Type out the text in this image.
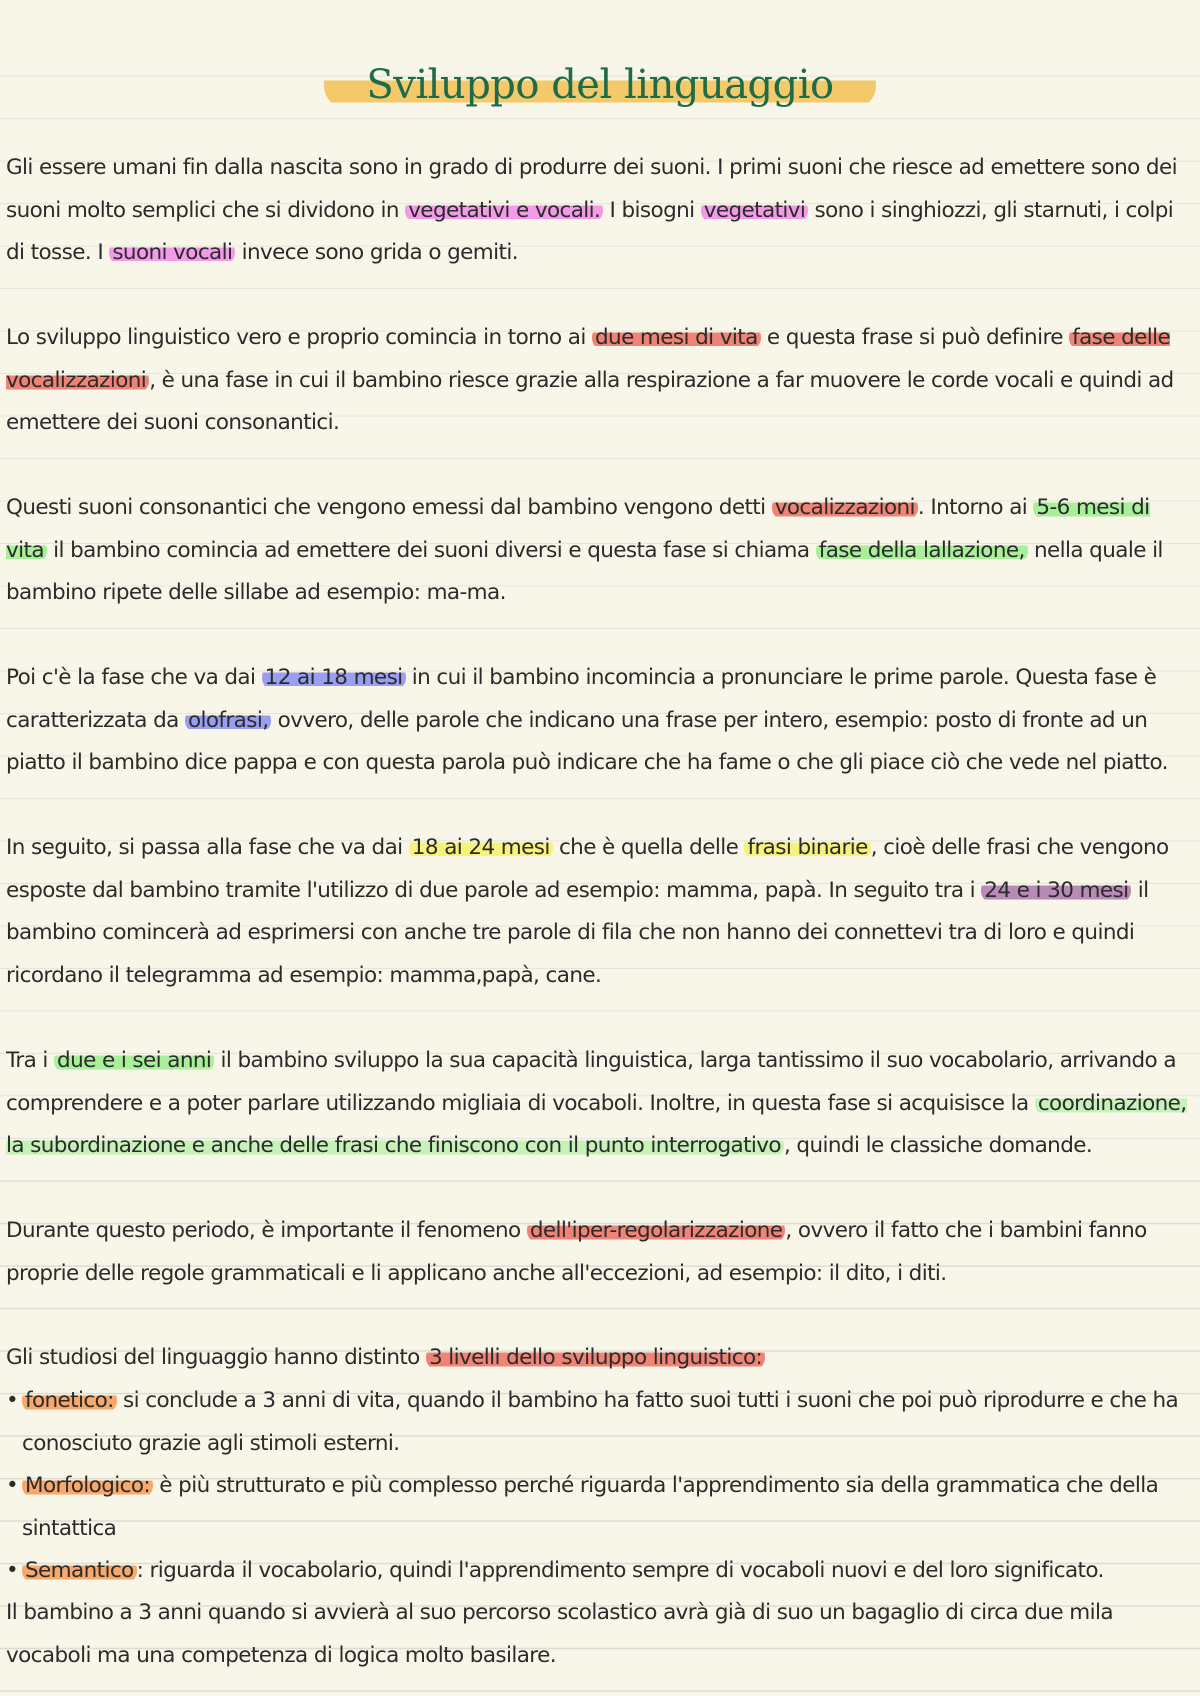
Sviluppo del linguaggio

Gli essere umani fin dalla nascita sono in grado di produrre dei suoni. I primi suoni che riesce ad emettere sono dei suoni molto semplici che si dividono in vegetativi e vocali. I bisogni vegetativi sono i singhiozzi, gli starnuti, i colpi di tosse. I suoni vocali invece sono grida o gemiti.

Lo sviluppo linguistico vero e proprio comincia in torno ai due mesi di vita e questa frase si può definire fase delle vocalizzazioni , è una fase in cui il bambino riesce grazie alla respirazione a far muovere le corde vocali e quindi ad emettere dei suoni consonantici.

Questi suoni consonantici che vengono emessi dal bambino vengono detti vocalizzazioni . Intorno ai 5-6 mesi di vita il bambino comincia ad emettere dei suoni diversi e questa fase si chiama fase della lallazione, nella quale il bambino ripete delle sillabe ad esempio: ma-ma.

Poi c'è la fase che va dai 12 ai 18 mesi in cui il bambino incomincia a pronunciare le prime parole. Questa fase è caratterizzata da olofrasi, ovvero, delle parole che indicano una frase per intero, esempio: posto di fronte ad un piatto il bambino dice pappa e con questa parola può indicare che ha fame o che gli piace ciò che vede nel piatto.

In seguito, si passa alla fase che va dai 18 ai 24 mesi che è quella delle frasi binarie , cioè delle frasi che vengono esposte dal bambino tramite l'utilizzo di due parole ad esempio: mamma, papà. In seguito tra i 24 e i 30 mesi il bambino comincerà ad esprimersi con anche tre parole di fila che non hanno dei connettevi tra di loro e quindi ricordano il telegramma ad esempio: mamma,papà, cane.

Tra i due e i sei anni il bambino sviluppo la sua capacità linguistica, larga tantissimo il suo vocabolario, arrivando a comprendere e a poter parlare utilizzando migliaia di vocaboli. Inoltre, in questa fase si acquisisce la coordinazione, la subordinazione e anche delle frasi che finiscono con il punto interrogativo , quindi le classiche domande.

Durante questo periodo, è importante il fenomeno dell'iper-regolarizzazione , ovvero il fatto che i bambini fanno proprie delle regole grammaticali e li applicano anche all'eccezioni, ad esempio: il dito, i diti.

Gli studiosi del linguaggio hanno distinto 3 livelli dello sviluppo linguistico:

• fonetico: si conclude a 3 anni di vita, quando il bambino ha fatto suoi tutti i suoni che poi può riprodurre e che ha conosciuto grazie agli stimoli esterni.
• Morfologico: è più strutturato e più complesso perché riguarda l'apprendimento sia della grammatica che della sintattica
• Semantico : riguarda il vocabolario, quindi l'apprendimento sempre di vocaboli nuovi e del loro significato.

Il bambino a 3 anni quando si avvierà al suo percorso scolastico avrà già di suo un bagaglio di circa due mila vocaboli ma una competenza di logica molto basilare.
